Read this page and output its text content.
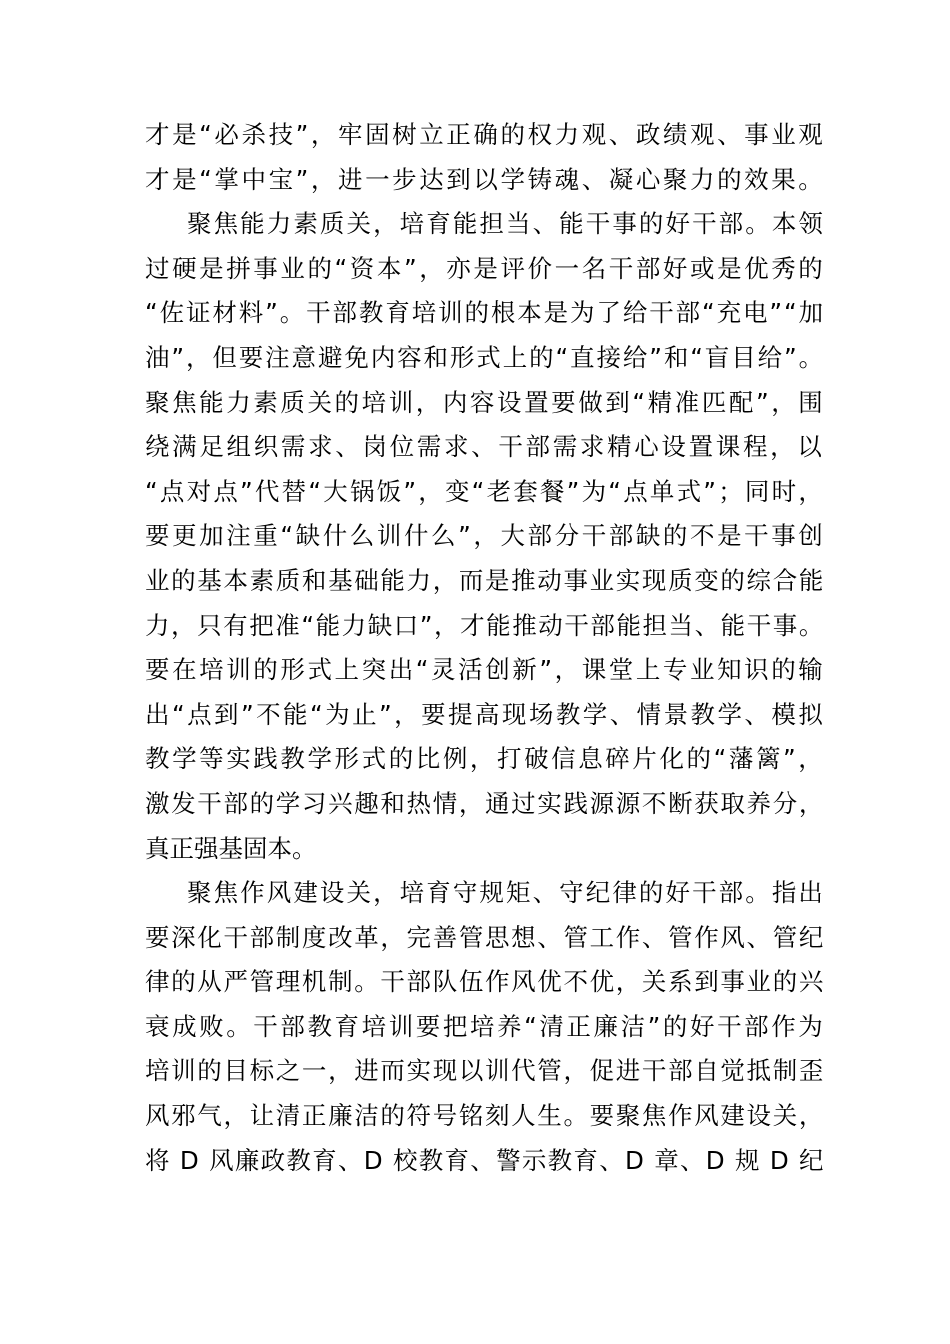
才是“必杀技”，牢固树立正确的权力观、政绩观、事业观
才是“掌中宝”，进一步达到以学铸魂、凝心聚力的效果。
聚焦能力素质关，培育能担当、能干事的好干部。本领
过硬是拼事业的“资本”，亦是评价一名干部好或是优秀的
“佐证材料”。干部教育培训的根本是为了给干部“充电”“加
油”，但要注意避免内容和形式上的“直接给”和“盲目给”。
聚焦能力素质关的培训，内容设置要做到“精准匹配”，围
绕满足组织需求、岗位需求、干部需求精心设置课程，以
“点对点”代替“大锅饭”，变“老套餐”为“点单式”；同时，
要更加注重“缺什么训什么”，大部分干部缺的不是干事创
业的基本素质和基础能力，而是推动事业实现质变的综合能
力，只有把准“能力缺口”，才能推动干部能担当、能干事。
要在培训的形式上突出“灵活创新”，课堂上专业知识的输
出“点到”不能“为止”，要提高现场教学、情景教学、模拟
教学等实践教学形式的比例，打破信息碎片化的“藩篱”，
激发干部的学习兴趣和热情，通过实践源源不断获取养分，
真正强基固本。
聚焦作风建设关，培育守规矩、守纪律的好干部。指出
要深化干部制度改革，完善管思想、管工作、管作风、管纪
律的从严管理机制。干部队伍作风优不优，关系到事业的兴
衰成败。干部教育培训要把培养“清正廉洁”的好干部作为
培训的目标之一，进而实现以训代管，促进干部自觉抵制歪
风邪气，让清正廉洁的符号铭刻人生。要聚焦作风建设关，
将 D 风廉政教育、D 校教育、警示教育、D 章、D 规 D 纪
